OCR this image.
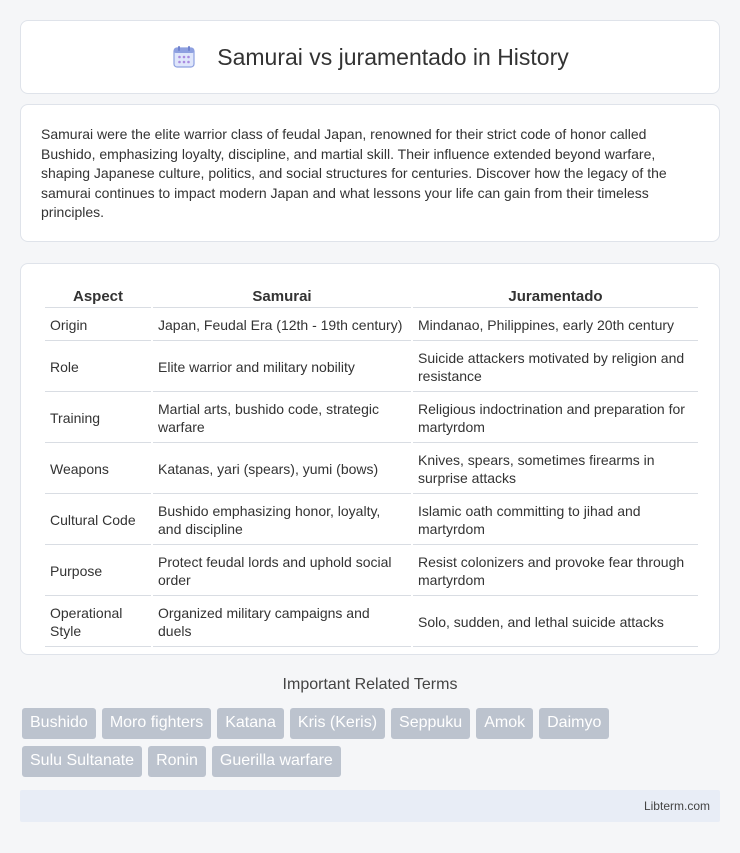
Samurai vs juramentado in History

Samurai were the elite warrior class of feudal Japan, renowned for their strict code of honor called Bushido, emphasizing loyalty, discipline, and martial skill. Their influence extended beyond warfare, shaping Japanese culture, politics, and social structures for centuries. Discover how the legacy of the samurai continues to impact modern Japan and what lessons your life can gain from their timeless principles.

Aspect	Samurai	Juramentado
Origin	Japan, Feudal Era (12th - 19th century)	Mindanao, Philippines, early 20th century
Role	Elite warrior and military nobility	Suicide attackers motivated by religion and resistance
Training	Martial arts, bushido code, strategic warfare	Religious indoctrination and preparation for martyrdom
Weapons	Katanas, yari (spears), yumi (bows)	Knives, spears, sometimes firearms in surprise attacks
Cultural Code	Bushido emphasizing honor, loyalty, and discipline	Islamic oath committing to jihad and martyrdom
Purpose	Protect feudal lords and uphold social order	Resist colonizers and provoke fear through martyrdom
Operational Style	Organized military campaigns and duels	Solo, sudden, and lethal suicide attacks
Important Related Terms
Bushido	Moro fighters	Katana	Kris (Keris)	Seppuku	Amok	Daimyo
Sulu Sultanate	Ronin	Guerilla warfare
Libterm.com
